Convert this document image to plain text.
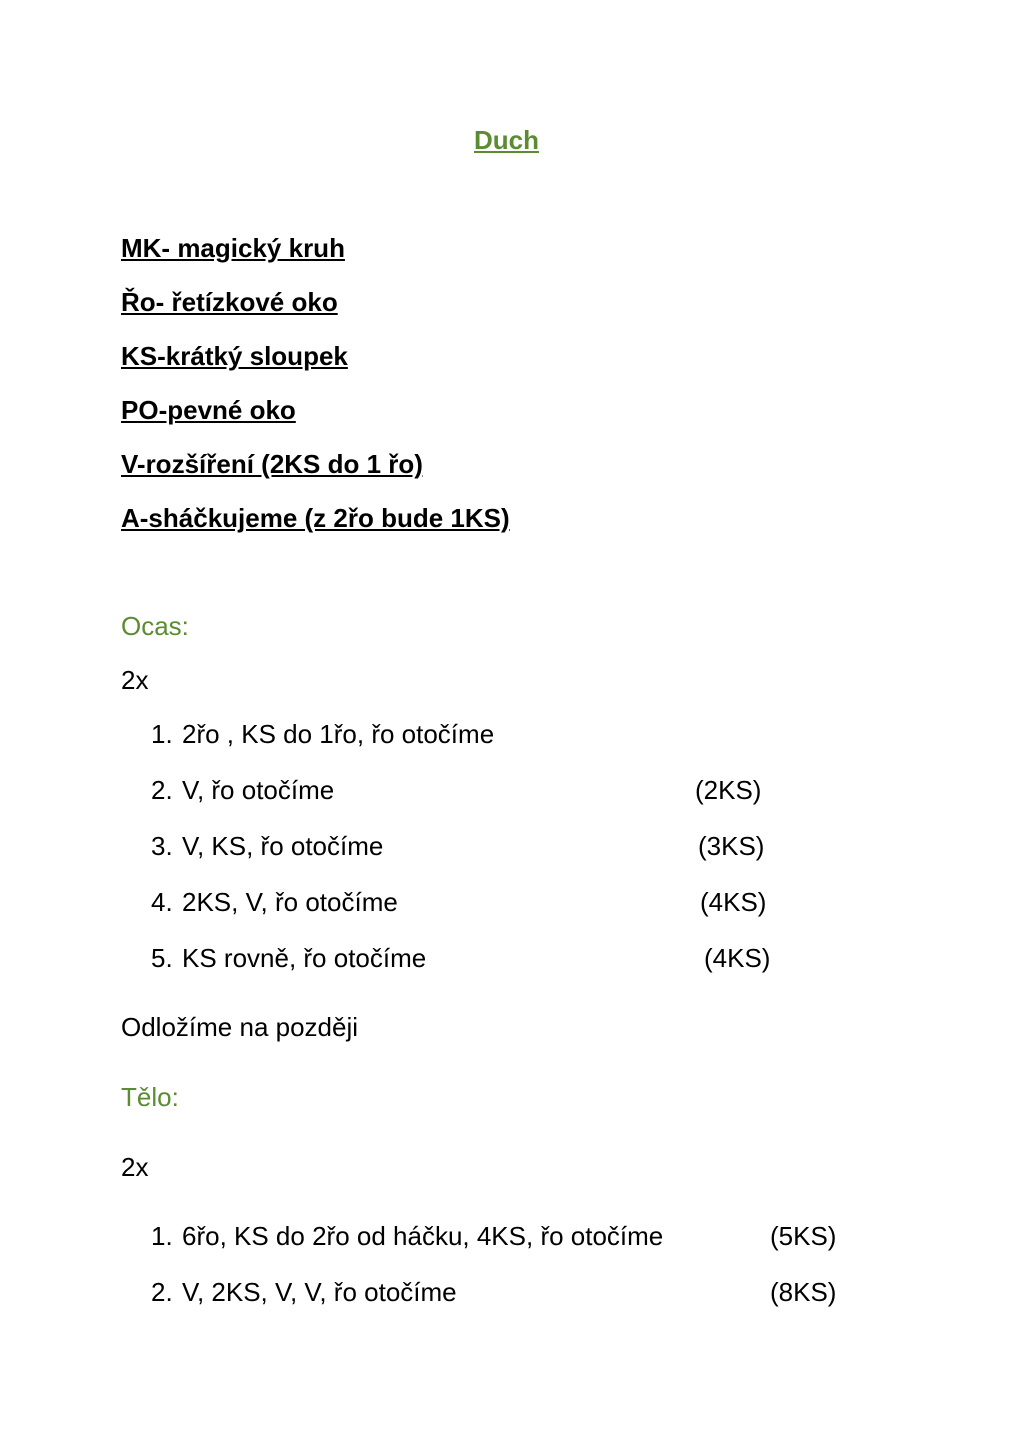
Duch
MK- magický kruh
Řo- řetízkové oko
KS-krátký sloupek
PO-pevné oko
V-rozšíření (2KS do 1 řo)
A-sháčkujeme (z 2řo bude 1KS)
Ocas:
2x
1. 2řo , KS do 1řo, řo otočíme
2. V, řo otočíme	(2KS)
3. V, KS, řo otočíme	(3KS)
4. 2KS, V, řo otočíme	(4KS)
5. KS rovně, řo otočíme	(4KS)
Odložíme na později
Tělo:
2x
1. 6řo, KS do 2řo od háčku, 4KS, řo otočíme	(5KS)
2. V, 2KS, V, V, řo otočíme	(8KS)
